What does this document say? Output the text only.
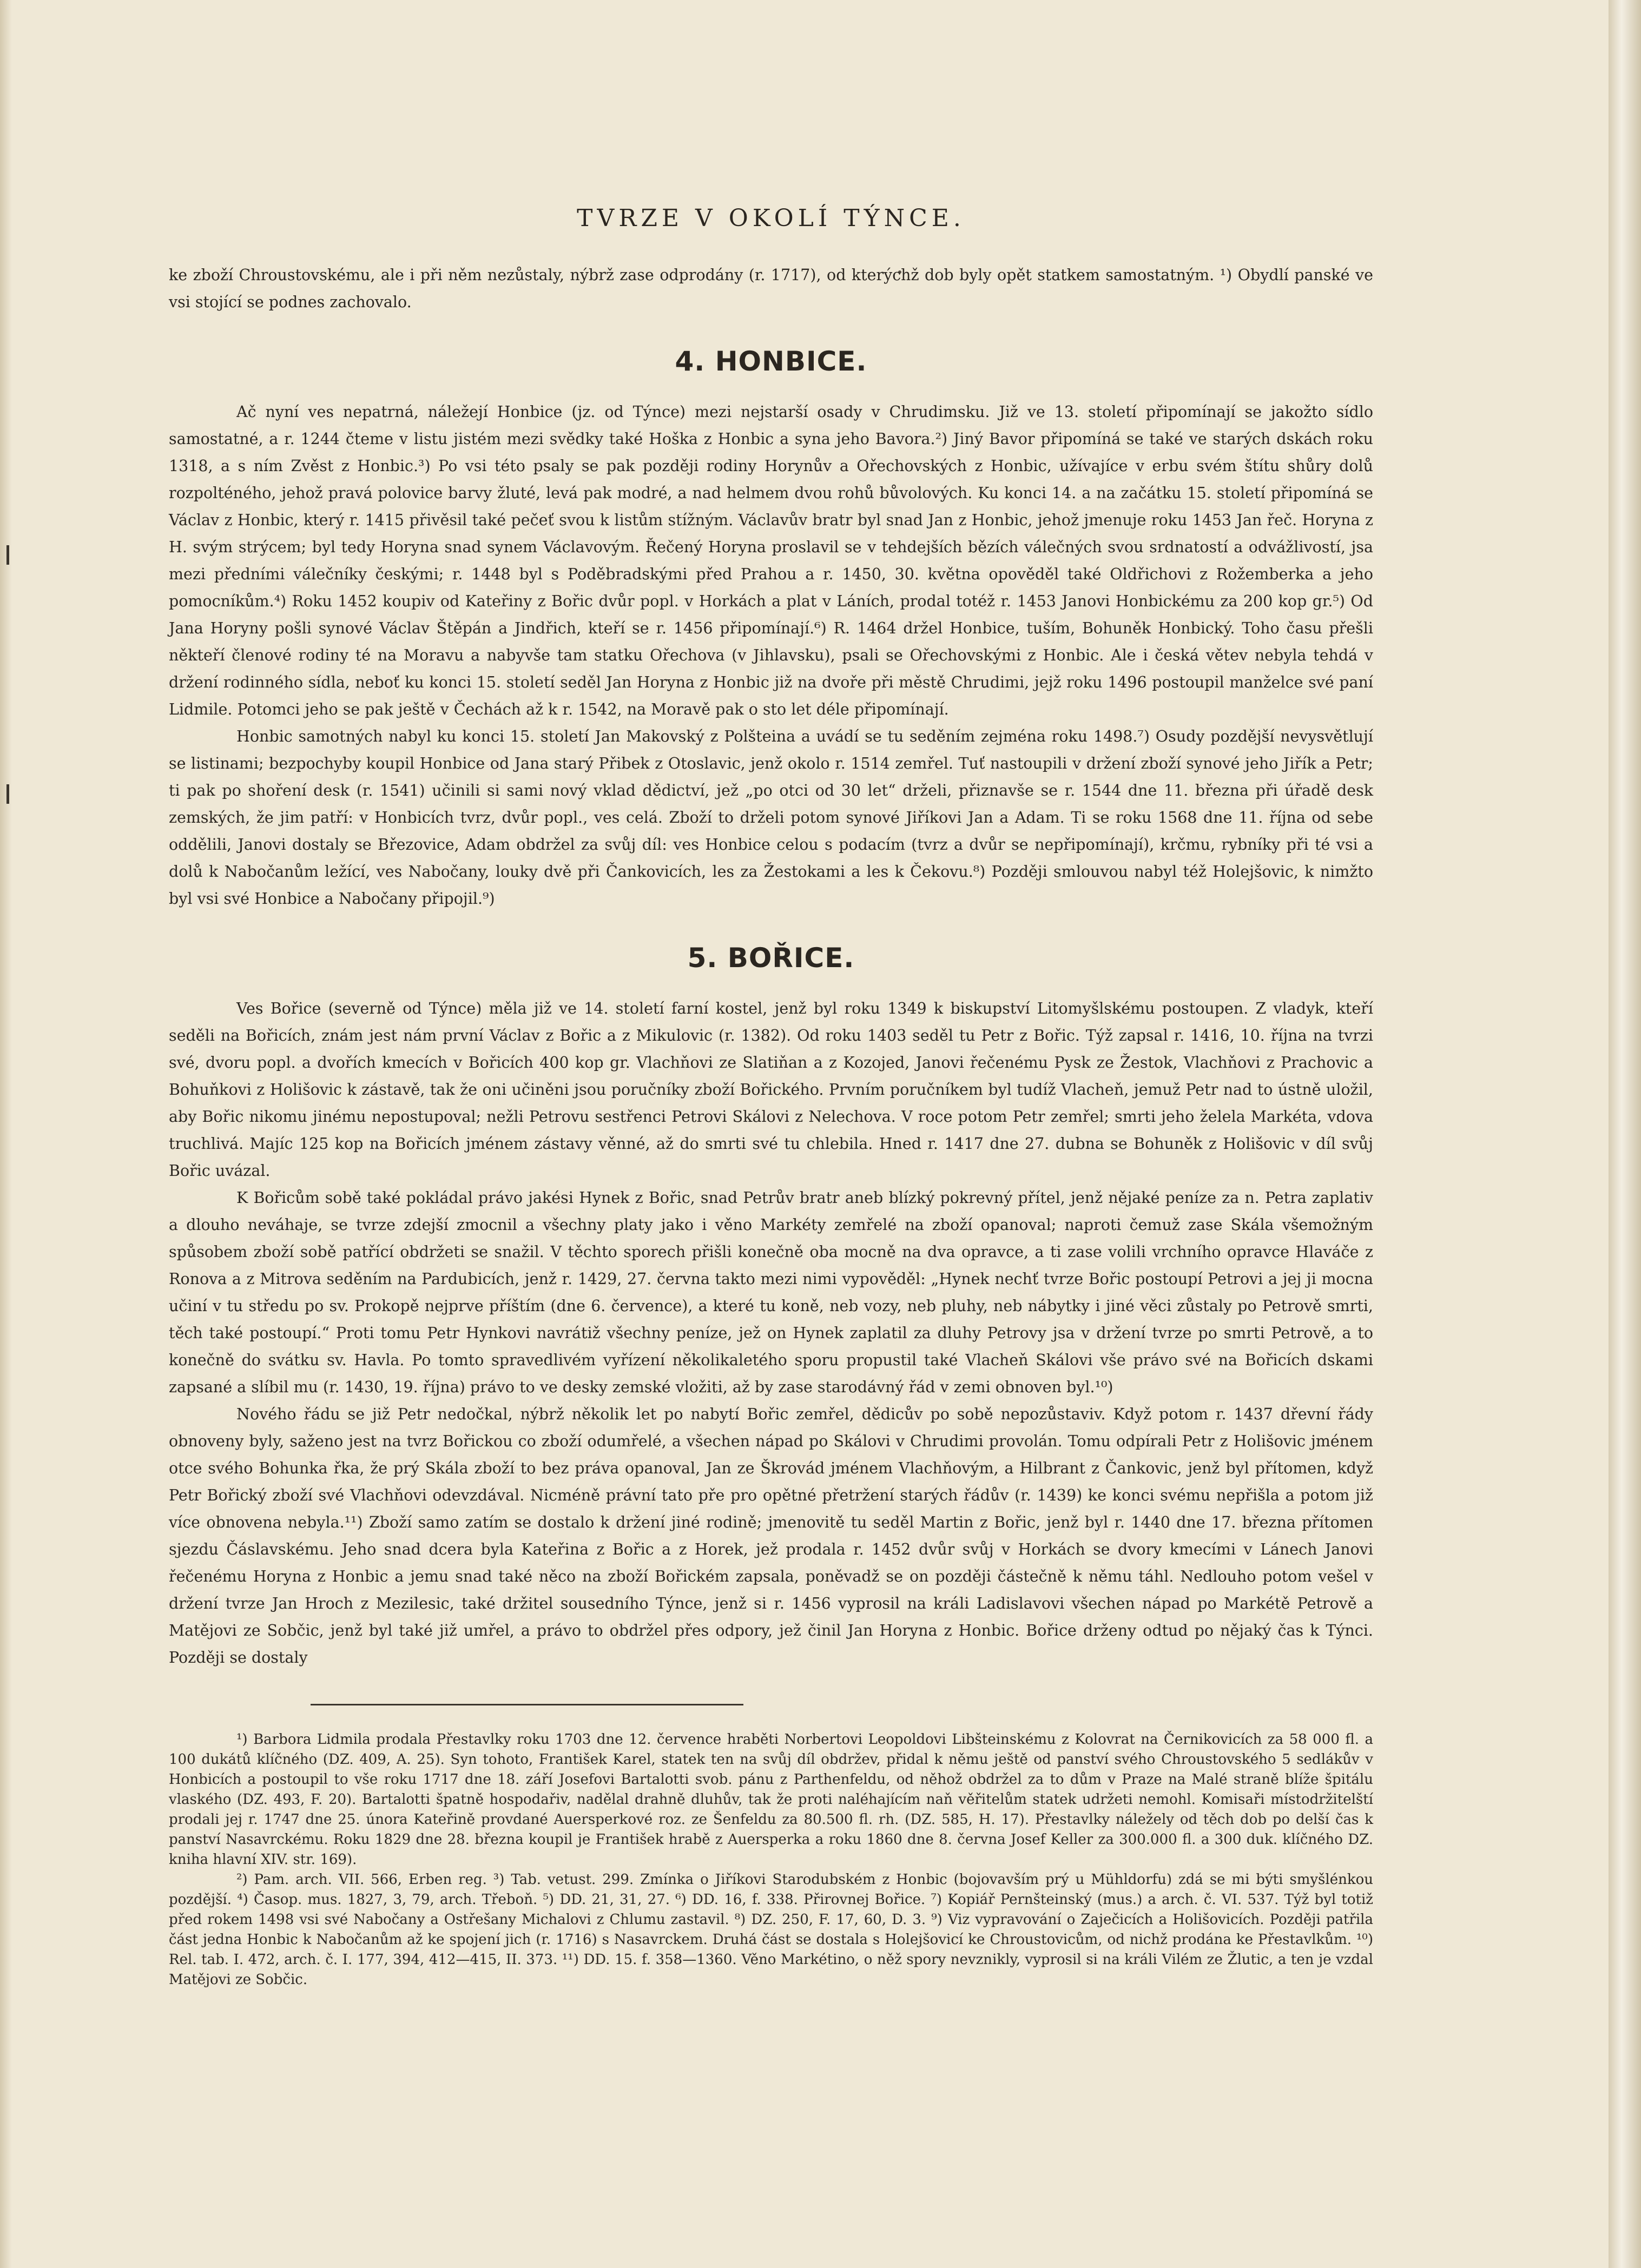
TVRZE V OKOLÍ TÝNCE.

ke zboží Chroustovskému, ale i při něm nezůstaly, nýbrž zase odprodány (r. 1717), od kterýchž dob byly opět statkem samostatným. ¹) Obydlí panské ve vsi stojící se podnes zachovalo.

4. HONBICE.

Ač nyní ves nepatrná, náležejí Honbice (jz. od Týnce) mezi nejstarší osady v Chrudimsku. Již ve 13. století připomínají se jakožto sídlo samostatné, a r. 1244 čteme v listu jistém mezi svědky také Hoška z Honbic a syna jeho Bavora.²) Jiný Bavor připomíná se také ve starých dskách roku 1318, a s ním Zvěst z Honbic.³) Po vsi této psaly se pak později rodiny Horynův a Ořechovských z Honbic, užívajíce v erbu svém štítu shůry dolů rozpolténého, jehož pravá polovice barvy žluté, levá pak modré, a nad helmem dvou rohů bůvolových. Ku konci 14. a na začátku 15. století připomíná se Václav z Honbic, který r. 1415 přivěsil také pečeť svou k listům stížným. Václavův bratr byl snad Jan z Honbic, jehož jmenuje roku 1453 Jan řeč. Horyna z H. svým strýcem; byl tedy Horyna snad synem Václavovým. Řečený Horyna proslavil se v tehdejších bězích válečných svou srdnatostí a odvážlivostí, jsa mezi předními válečníky českými; r. 1448 byl s Poděbradskými před Prahou a r. 1450, 30. května opověděl také Oldřichovi z Rožemberka a jeho pomocníkům.⁴) Roku 1452 koupiv od Kateřiny z Bořic dvůr popl. v Horkách a plat v Láních, prodal totéž r. 1453 Janovi Honbickému za 200 kop gr.⁵) Od Jana Horyny pošli synové Václav Štěpán a Jindřich, kteří se r. 1456 připomínají.⁶) R. 1464 držel Honbice, tuším, Bohuněk Honbický. Toho času přešli někteří členové rodiny té na Moravu a nabyvše tam statku Ořechova (v Jihlavsku), psali se Ořechovskými z Honbic. Ale i česká větev nebyla tehdá v držení rodinného sídla, neboť ku konci 15. století seděl Jan Horyna z Honbic již na dvoře při městě Chrudimi, jejž roku 1496 postoupil manželce své paní Lidmile. Potomci jeho se pak ještě v Čechách až k r. 1542, na Moravě pak o sto let déle připomínají.

Honbic samotných nabyl ku konci 15. století Jan Makovský z Polšteina a uvádí se tu seděním zejména roku 1498.⁷) Osudy pozdější nevysvětlují se listinami; bezpochyby koupil Honbice od Jana starý Přibek z Otoslavic, jenž okolo r. 1514 zemřel. Tuť nastoupili v držení zboží synové jeho Jiřík a Petr; ti pak po shoření desk (r. 1541) učinili si sami nový vklad dědictví, jež „po otci od 30 let“ drželi, přiznavše se r. 1544 dne 11. března při úřadě desk zemských, že jim patří: v Honbicích tvrz, dvůr popl., ves celá. Zboží to drželi potom synové Jiříkovi Jan a Adam. Ti se roku 1568 dne 11. října od sebe oddělili, Janovi dostaly se Březovice, Adam obdržel za svůj díl: ves Honbice celou s podacím (tvrz a dvůr se nepřipomínají), krčmu, rybníky při té vsi a dolů k Nabočanům ležící, ves Nabočany, louky dvě při Čankovicích, les za Žestokami a les k Čekovu.⁸) Později smlouvou nabyl též Holejšovic, k nimžto byl vsi své Honbice a Nabočany připojil.⁹)

5. BOŘICE.

Ves Bořice (severně od Týnce) měla již ve 14. století farní kostel, jenž byl roku 1349 k biskupství Litomyšlskému postoupen. Z vladyk, kteří seděli na Bořicích, znám jest nám první Václav z Bořic a z Mikulovic (r. 1382). Od roku 1403 seděl tu Petr z Bořic. Týž zapsal r. 1416, 10. října na tvrzi své, dvoru popl. a dvořích kmecích v Bořicích 400 kop gr. Vlachňovi ze Slatiňan a z Kozojed, Janovi řečenému Pysk ze Žestok, Vlachňovi z Prachovic a Bohuňkovi z Holišovic k zástavě, tak že oni učiněni jsou poručníky zboží Bořického. Prvním poručníkem byl tudíž Vlacheň, jemuž Petr nad to ústně uložil, aby Bořic nikomu jinému nepostupoval; nežli Petrovu sestřenci Petrovi Skálovi z Nelechova. V roce potom Petr zemřel; smrti jeho želela Markéta, vdova truchlivá. Majíc 125 kop na Bořicích jménem zástavy věnné, až do smrti své tu chlebila. Hned r. 1417 dne 27. dubna se Bohuněk z Holišovic v díl svůj Bořic uvázal.

K Bořicům sobě také pokládal právo jakési Hynek z Bořic, snad Petrův bratr aneb blízký pokrevný přítel, jenž nějaké peníze za n. Petra zaplativ a dlouho neváhaje, se tvrze zdejší zmocnil a všechny platy jako i věno Markéty zemřelé na zboží opanoval; naproti čemuž zase Skála všemožným spůsobem zboží sobě patřící obdržeti se snažil. V těchto sporech přišli konečně oba mocně na dva opravce, a ti zase volili vrchního opravce Hlaváče z Ronova a z Mitrova seděním na Pardubicích, jenž r. 1429, 27. června takto mezi nimi vypověděl: „Hynek nechť tvrze Bořic postoupí Petrovi a jej ji mocna učiní v tu středu po sv. Prokopě nejprve příštím (dne 6. července), a které tu koně, neb vozy, neb pluhy, neb nábytky i jiné věci zůstaly po Petrově smrti, těch také postoupí.“ Proti tomu Petr Hynkovi navrátiž všechny peníze, jež on Hynek zaplatil za dluhy Petrovy jsa v držení tvrze po smrti Petrově, a to konečně do svátku sv. Havla. Po tomto spravedlivém vyřízení několikaletého sporu propustil také Vlacheň Skálovi vše právo své na Bořicích dskami zapsané a slíbil mu (r. 1430, 19. října) právo to ve desky zemské vložiti, až by zase starodávný řád v zemi obnoven byl.¹⁰)

Nového řádu se již Petr nedočkal, nýbrž několik let po nabytí Bořic zemřel, dědicův po sobě nepozůstaviv. Když potom r. 1437 dřevní řády obnoveny byly, saženo jest na tvrz Bořickou co zboží odumřelé, a všechen nápad po Skálovi v Chrudimi provolán. Tomu odpírali Petr z Holišovic jménem otce svého Bohunka řka, že prý Skála zboží to bez práva opanoval, Jan ze Škrovád jménem Vlachňovým, a Hilbrant z Čankovic, jenž byl přítomen, když Petr Bořický zboží své Vlachňovi odevzdával. Nicméně právní tato pře pro opětné přetržení starých řádův (r. 1439) ke konci svému nepřišla a potom již více obnovena nebyla.¹¹) Zboží samo zatím se dostalo k držení jiné rodině; jmenovitě tu seděl Martin z Bořic, jenž byl r. 1440 dne 17. března přítomen sjezdu Čáslavskému. Jeho snad dcera byla Kateřina z Bořic a z Horek, jež prodala r. 1452 dvůr svůj v Horkách se dvory kmecími v Lánech Janovi řečenému Horyna z Honbic a jemu snad také něco na zboží Bořickém zapsala, poněvadž se on později částečně k němu táhl. Nedlouho potom vešel v držení tvrze Jan Hroch z Mezilesic, také držitel sousedního Týnce, jenž si r. 1456 vyprosil na králi Ladislavovi všechen nápad po Markétě Petrově a Matějovi ze Sobčic, jenž byl také již umřel, a právo to obdržel přes odpory, jež činil Jan Horyna z Honbic. Bořice drženy odtud po nějaký čas k Týnci. Později se dostaly

¹) Barbora Lidmila prodala Přestavlky roku 1703 dne 12. července hraběti Norbertovi Leopoldovi Libšteinskému z Kolovrat na Černikovicích za 58 000 fl. a 100 dukátů klíčného (DZ. 409, A. 25). Syn tohoto, František Karel, statek ten na svůj díl obdržev, přidal k němu ještě od panství svého Chroustovského 5 sedlákův v Honbicích a postoupil to vše roku 1717 dne 18. září Josefovi Bartalotti svob. pánu z Parthenfeldu, od něhož obdržel za to dům v Praze na Malé straně blíže špitálu vlaského (DZ. 493, F. 20). Bartalotti špatně hospodařiv, nadělal drahně dluhův, tak že proti naléhajícím naň věřitelům statek udržeti nemohl. Komisaři místodržitelští prodali jej r. 1747 dne 25. února Kateřině provdané Auersperkové roz. ze Šenfeldu za 80.500 fl. rh. (DZ. 585, H. 17). Přestavlky náležely od těch dob po delší čas k panství Nasavrckému. Roku 1829 dne 28. března koupil je František hrabě z Auersperka a roku 1860 dne 8. června Josef Keller za 300.000 fl. a 300 duk. klíčného DZ. kniha hlavní XIV. str. 169).

²) Pam. arch. VII. 566, Erben reg. ³) Tab. vetust. 299. Zmínka o Jiříkovi Starodubském z Honbic (bojovavším prý u Mühldorfu) zdá se mi býti smyšlénkou pozdější. ⁴) Časop. mus. 1827, 3, 79, arch. Třeboň. ⁵) DD. 21, 31, 27. ⁶) DD. 16, f. 338. Přirovnej Bořice. ⁷) Kopiář Pernšteinský (mus.) a arch. č. VI. 537. Týž byl totiž před rokem 1498 vsi své Nabočany a Ostřešany Michalovi z Chlumu zastavil. ⁸) DZ. 250, F. 17, 60, D. 3. ⁹) Viz vypravování o Zaječicích a Holišovicích. Později patřila část jedna Honbic k Nabočanům až ke spojení jich (r. 1716) s Nasavrckem. Druhá část se dostala s Holejšovicí ke Chroustovicům, od nichž prodána ke Přestavlkům. ¹⁰) Rel. tab. I. 472, arch. č. I. 177, 394, 412—415, II. 373. ¹¹) DD. 15. f. 358—1360. Věno Markétino, o něž spory nevznikly, vyprosil si na králi Vilém ze Žlutic, a ten je vzdal Matějovi ze Sobčic.
